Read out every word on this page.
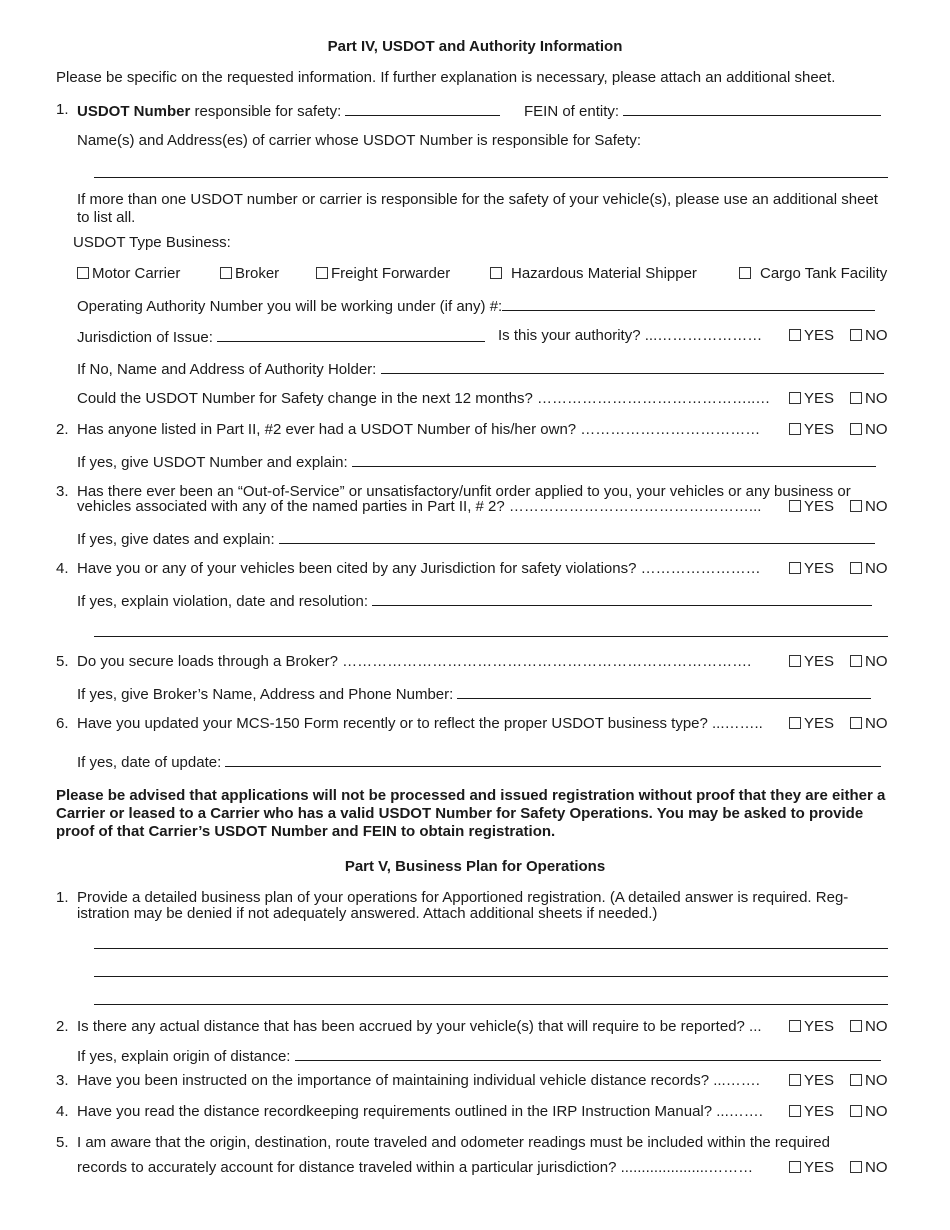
Part IV, USDOT and Authority Information
Please be specific on the requested information. If further explanation is necessary, please attach an additional sheet.
1. USDOT Number responsible for safety:	FEIN of entity:
Name(s) and Address(es) of carrier whose USDOT Number is responsible for Safety:
If more than one USDOT number or carrier is responsible for the safety of your vehicle(s), please use an additional sheet to list all.
USDOT Type Business:
Motor Carrier	Broker	Freight Forwarder	Hazardous Material Shipper	Cargo Tank Facility
Operating Authority Number you will be working under (if any) #:
Jurisdiction of Issue:	Is this your authority? ...…………………	YES	NO
If No, Name and Address of Authority Holder:
Could the USDOT Number for Safety change in the next 12 months? ……………………………………..…	YES	NO
2. Has anyone listed in Part II, #2 ever had a USDOT Number of his/her own? ………………………………	YES	NO
If yes, give USDOT Number and explain:
3. Has there ever been an “Out-of-Service” or unsatisfactory/unfit order applied to you, your vehicles or any business or
vehicles associated with any of the named parties in Part II, # 2? …………………………………………...	YES	NO
If yes, give dates and explain:
4. Have you or any of your vehicles been cited by any Jurisdiction for safety violations? ……………………	YES	NO
If yes, explain violation, date and resolution:
5. Do you secure loads through a Broker? ……………………………………………………………………….	YES	NO
If yes, give Broker’s Name, Address and Phone Number:
6. Have you updated your MCS-150 Form recently or to reflect the proper USDOT business type? ...……..	YES	NO
If yes, date of update:
Please be advised that applications will not be processed and issued registration without proof that they are either a Carrier or leased to a Carrier who has a valid USDOT Number for Safety Operations. You may be asked to provide proof of that Carrier’s USDOT Number and FEIN to obtain registration.
Part V, Business Plan for Operations
1. Provide a detailed business plan of your operations for Apportioned registration. (A detailed answer is required. Reg-
istration may be denied if not adequately answered. Attach additional sheets if needed.)
2. Is there any actual distance that has been accrued by your vehicle(s) that will require to be reported? ...	YES	NO
If yes, explain origin of distance:
3. Have you been instructed on the importance of maintaining individual vehicle distance records? ...…….	YES	NO
4. Have you read the distance recordkeeping requirements outlined in the IRP Instruction Manual? ...…….	YES	NO
5. I am aware that the origin, destination, route traveled and odometer readings must be included within the required
records to accurately account for distance traveled within a particular jurisdiction? .....................………	YES	NO
